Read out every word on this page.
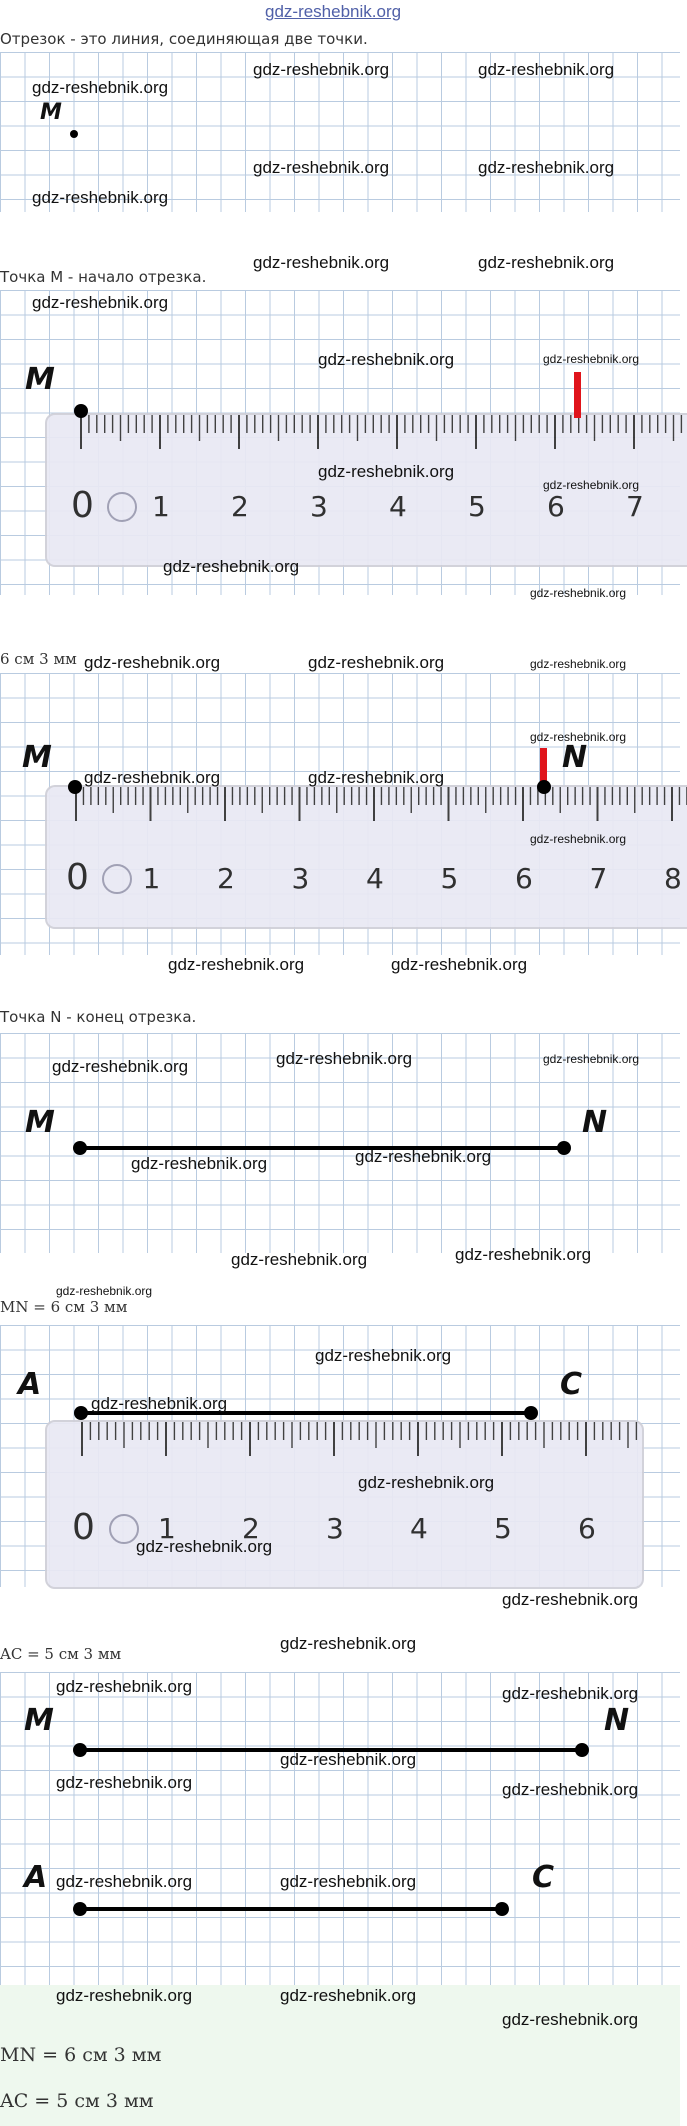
gdz-reshebnik.org
Отрезок - это линия, соединяющая две точки.
M
gdz-reshebnik.org
gdz-reshebnik.org	gdz-reshebnik.org
gdz-reshebnik.org	gdz-reshebnik.org
gdz-reshebnik.org
Точка М - начало отрезка.
gdz-reshebnik.org	gdz-reshebnik.org
0 1 2 3 4 5 6 7
M
gdz-reshebnik.org
gdz-reshebnik.org	gdz-reshebnik.org
gdz-reshebnik.org
gdz-reshebnik.org
gdz-reshebnik.org
gdz-reshebnik.org
6 см 3 мм gdz-reshebnik.org	gdz-reshebnik.org	gdz-reshebnik.org
0 1 2 3 4 5 6 7 8
M	N
gdz-reshebnik.org	gdz-reshebnik.org
gdz-reshebnik.org
gdz-reshebnik.org
gdz-reshebnik.org	gdz-reshebnik.org
Точка N - конец отрезка.
M	N
gdz-reshebnik.org	gdz-reshebnik.org	gdz-reshebnik.org
gdz-reshebnik.org	gdz-reshebnik.org
gdz-reshebnik.org	gdz-reshebnik.org
gdz-reshebnik.org
MN = 6 см 3 мм
0 1 2 3 4 5 6
A	C
gdz-reshebnik.org
gdz-reshebnik.org
gdz-reshebnik.org
gdz-reshebnik.org
gdz-reshebnik.org
AC = 5 см 3 мм
gdz-reshebnik.org
M	N
A	C
gdz-reshebnik.org	gdz-reshebnik.org
gdz-reshebnik.org
gdz-reshebnik.org	gdz-reshebnik.org
gdz-reshebnik.org	gdz-reshebnik.org
gdz-reshebnik.org	gdz-reshebnik.org
gdz-reshebnik.org
MN = 6 см 3 мм
AC = 5 см 3 мм
